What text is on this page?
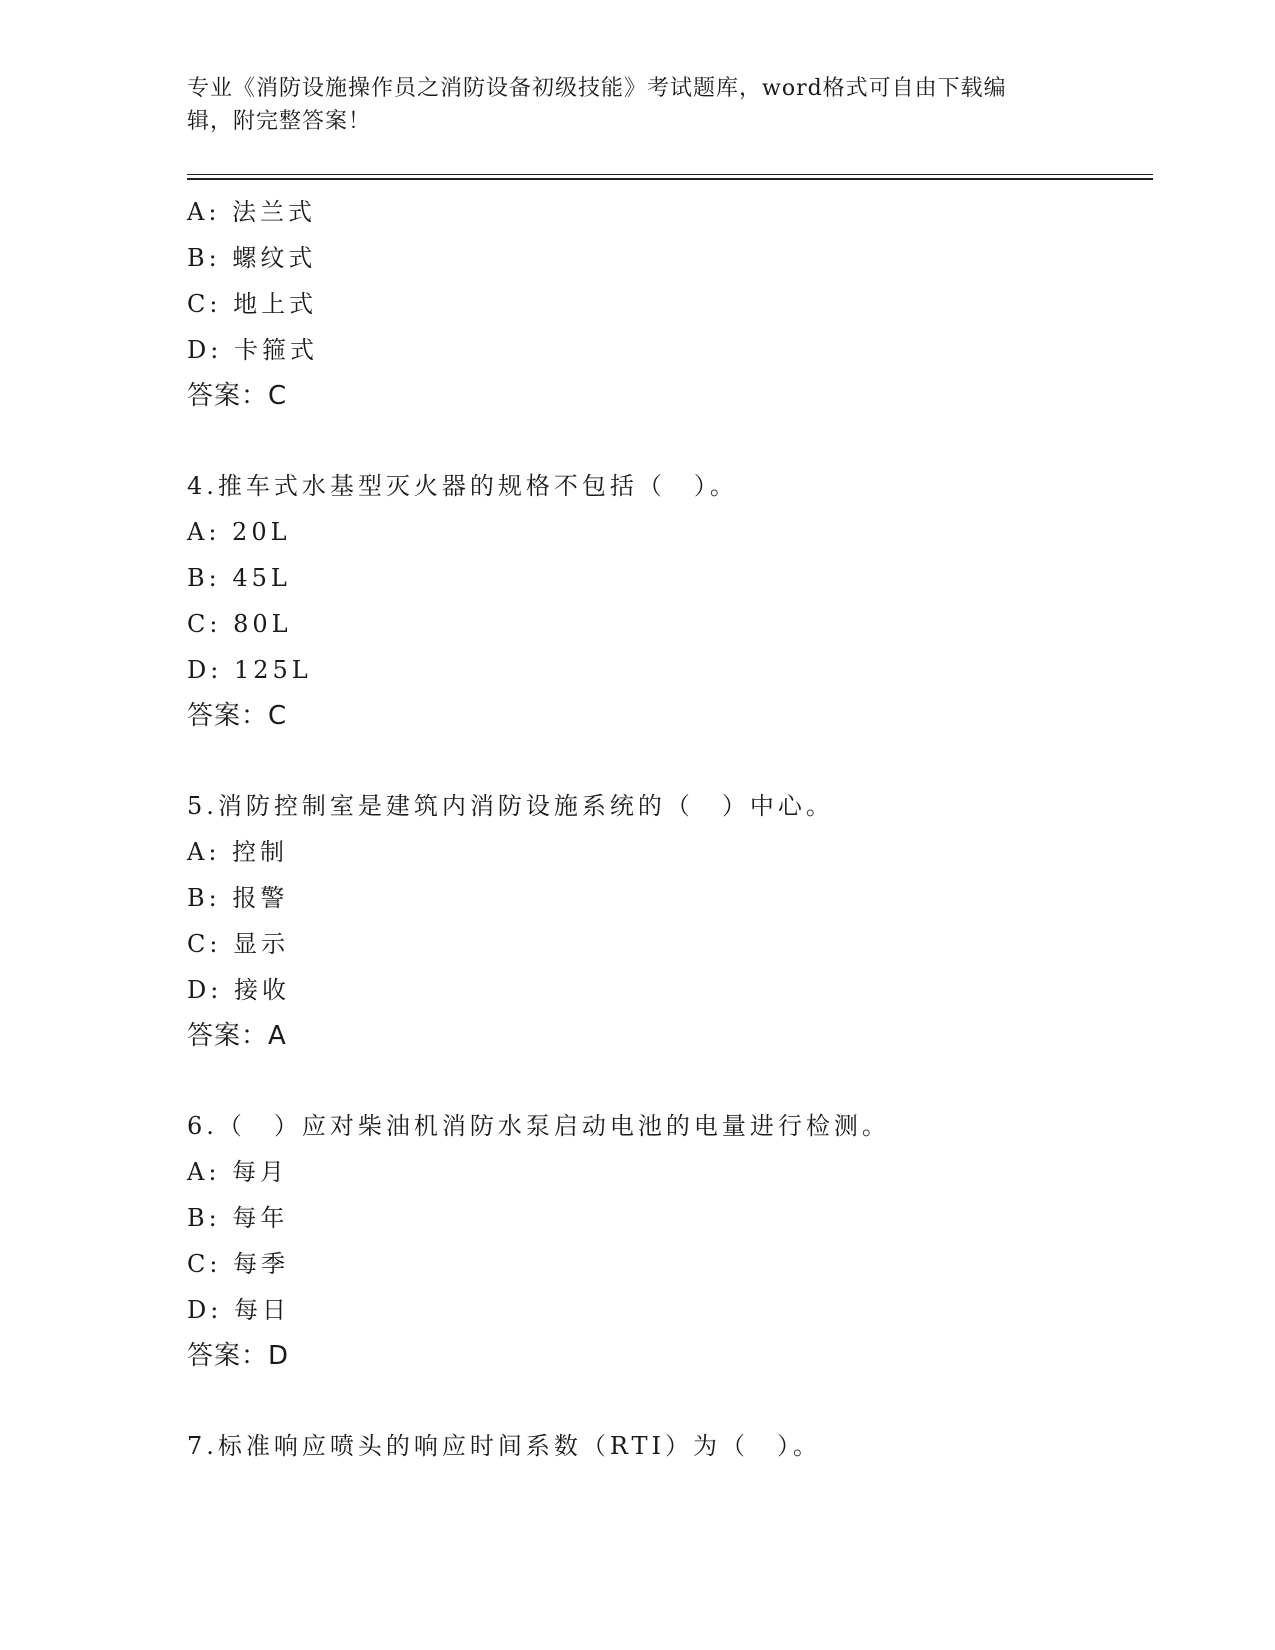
专业《消防设施操作员之消防设备初级技能》考试题库，word格式可自由下载编
辑，附完整答案！
A: 法兰式
B: 螺纹式
C: 地上式
D: 卡箍式
答案：C
4.推车式水基型灭火器的规格不包括（　）。
A: 20L
B: 45L
C: 80L
D: 125L
答案：C
5.消防控制室是建筑内消防设施系统的（　）中心。
A: 控制
B: 报警
C: 显示
D: 接收
答案：A
6.（　）应对柴油机消防水泵启动电池的电量进行检测。
A: 每月
B: 每年
C: 每季
D: 每日
答案：D
7.标准响应喷头的响应时间系数（RTI）为（　）。
